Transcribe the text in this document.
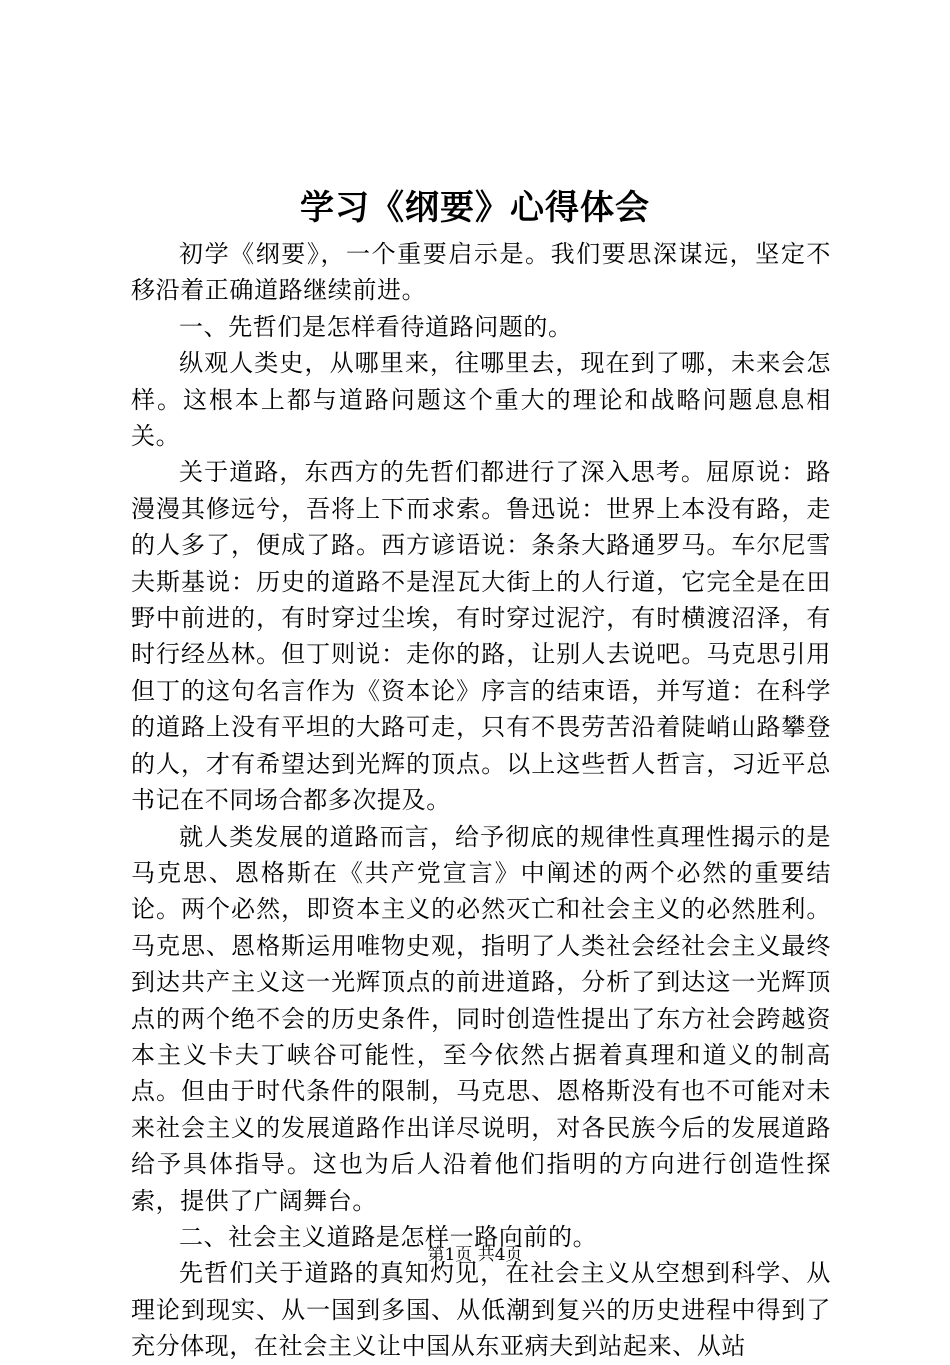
学习《纲要》心得体会

初学《纲要》，一个重要启示是。我们要思深谋远，坚定不移沿着正确道路继续前进。

一、先哲们是怎样看待道路问题的。

纵观人类史，从哪里来，往哪里去，现在到了哪，未来会怎样。这根本上都与道路问题这个重大的理论和战略问题息息相关。

关于道路，东西方的先哲们都进行了深入思考。屈原说：路漫漫其修远兮，吾将上下而求索。鲁迅说：世界上本没有路，走的人多了，便成了路。西方谚语说：条条大路通罗马。车尔尼雪夫斯基说：历史的道路不是涅瓦大街上的人行道，它完全是在田野中前进的，有时穿过尘埃，有时穿过泥泞，有时横渡沼泽，有时行经丛林。但丁则说：走你的路，让别人去说吧。马克思引用但丁的这句名言作为《资本论》序言的结束语，并写道：在科学的道路上没有平坦的大路可走，只有不畏劳苦沿着陡峭山路攀登的人，才有希望达到光辉的顶点。以上这些哲人哲言，习近平总书记在不同场合都多次提及。

就人类发展的道路而言，给予彻底的规律性真理性揭示的是马克思、恩格斯在《共产党宣言》中阐述的两个必然的重要结论。两个必然，即资本主义的必然灭亡和社会主义的必然胜利。马克思、恩格斯运用唯物史观，指明了人类社会经社会主义最终到达共产主义这一光辉顶点的前进道路，分析了到达这一光辉顶点的两个绝不会的历史条件，同时创造性提出了东方社会跨越资本主义卡夫丁峡谷可能性，至今依然占据着真理和道义的制高点。但由于时代条件的限制，马克思、恩格斯没有也不可能对未来社会主义的发展道路作出详尽说明，对各民族今后的发展道路给予具体指导。这也为后人沿着他们指明的方向进行创造性探索，提供了广阔舞台。

二、社会主义道路是怎样一路向前的。

先哲们关于道路的真知灼见，在社会主义从空想到科学、从理论到现实、从一国到多国、从低潮到复兴的历史进程中得到了充分体现，在社会主义让中国从东亚病夫到站起来、从站

第1页 共4页
